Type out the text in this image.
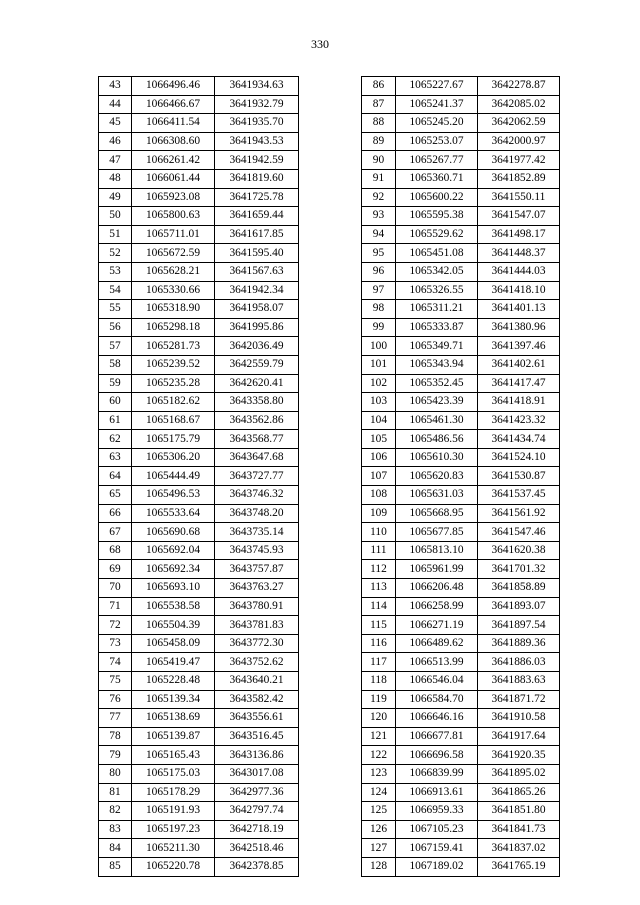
330
43	1066496.46	3641934.63	
44	1066466.67	3641932.79	
45	1066411.54	3641935.70	
46	1066308.60	3641943.53	
47	1066261.42	3641942.59	
48	1066061.44	3641819.60	
49	1065923.08	3641725.78	
50	1065800.63	3641659.44	
51	1065711.01	3641617.85	
52	1065672.59	3641595.40	
53	1065628.21	3641567.63	
54	1065330.66	3641942.34	
55	1065318.90	3641958.07	
56	1065298.18	3641995.86	
57	1065281.73	3642036.49	
58	1065239.52	3642559.79	
59	1065235.28	3642620.41	
60	1065182.62	3643358.80	
61	1065168.67	3643562.86	
62	1065175.79	3643568.77	
63	1065306.20	3643647.68	
64	1065444.49	3643727.77	
65	1065496.53	3643746.32	
66	1065533.64	3643748.20	
67	1065690.68	3643735.14	
68	1065692.04	3643745.93	
69	1065692.34	3643757.87	
70	1065693.10	3643763.27	
71	1065538.58	3643780.91	
72	1065504.39	3643781.83	
73	1065458.09	3643772.30	
74	1065419.47	3643752.62	
75	1065228.48	3643640.21	
76	1065139.34	3643582.42	
77	1065138.69	3643556.61	
78	1065139.87	3643516.45	
79	1065165.43	3643136.86	
80	1065175.03	3643017.08	
81	1065178.29	3642977.36	
82	1065191.93	3642797.74	
83	1065197.23	3642718.19	
84	1065211.30	3642518.46	
85	1065220.78	3642378.85	
86	1065227.67	3642278.87
87	1065241.37	3642085.02
88	1065245.20	3642062.59
89	1065253.07	3642000.97
90	1065267.77	3641977.42
91	1065360.71	3641852.89
92	1065600.22	3641550.11
93	1065595.38	3641547.07
94	1065529.62	3641498.17
95	1065451.08	3641448.37
96	1065342.05	3641444.03
97	1065326.55	3641418.10
98	1065311.21	3641401.13
99	1065333.87	3641380.96
100	1065349.71	3641397.46
101	1065343.94	3641402.61
102	1065352.45	3641417.47
103	1065423.39	3641418.91
104	1065461.30	3641423.32
105	1065486.56	3641434.74
106	1065610.30	3641524.10
107	1065620.83	3641530.87
108	1065631.03	3641537.45
109	1065668.95	3641561.92
110	1065677.85	3641547.46
111	1065813.10	3641620.38
112	1065961.99	3641701.32
113	1066206.48	3641858.89
114	1066258.99	3641893.07
115	1066271.19	3641897.54
116	1066489.62	3641889.36
117	1066513.99	3641886.03
118	1066546.04	3641883.63
119	1066584.70	3641871.72
120	1066646.16	3641910.58
121	1066677.81	3641917.64
122	1066696.58	3641920.35
123	1066839.99	3641895.02
124	1066913.61	3641865.26
125	1066959.33	3641851.80
126	1067105.23	3641841.73
127	1067159.41	3641837.02
128	1067189.02	3641765.19
